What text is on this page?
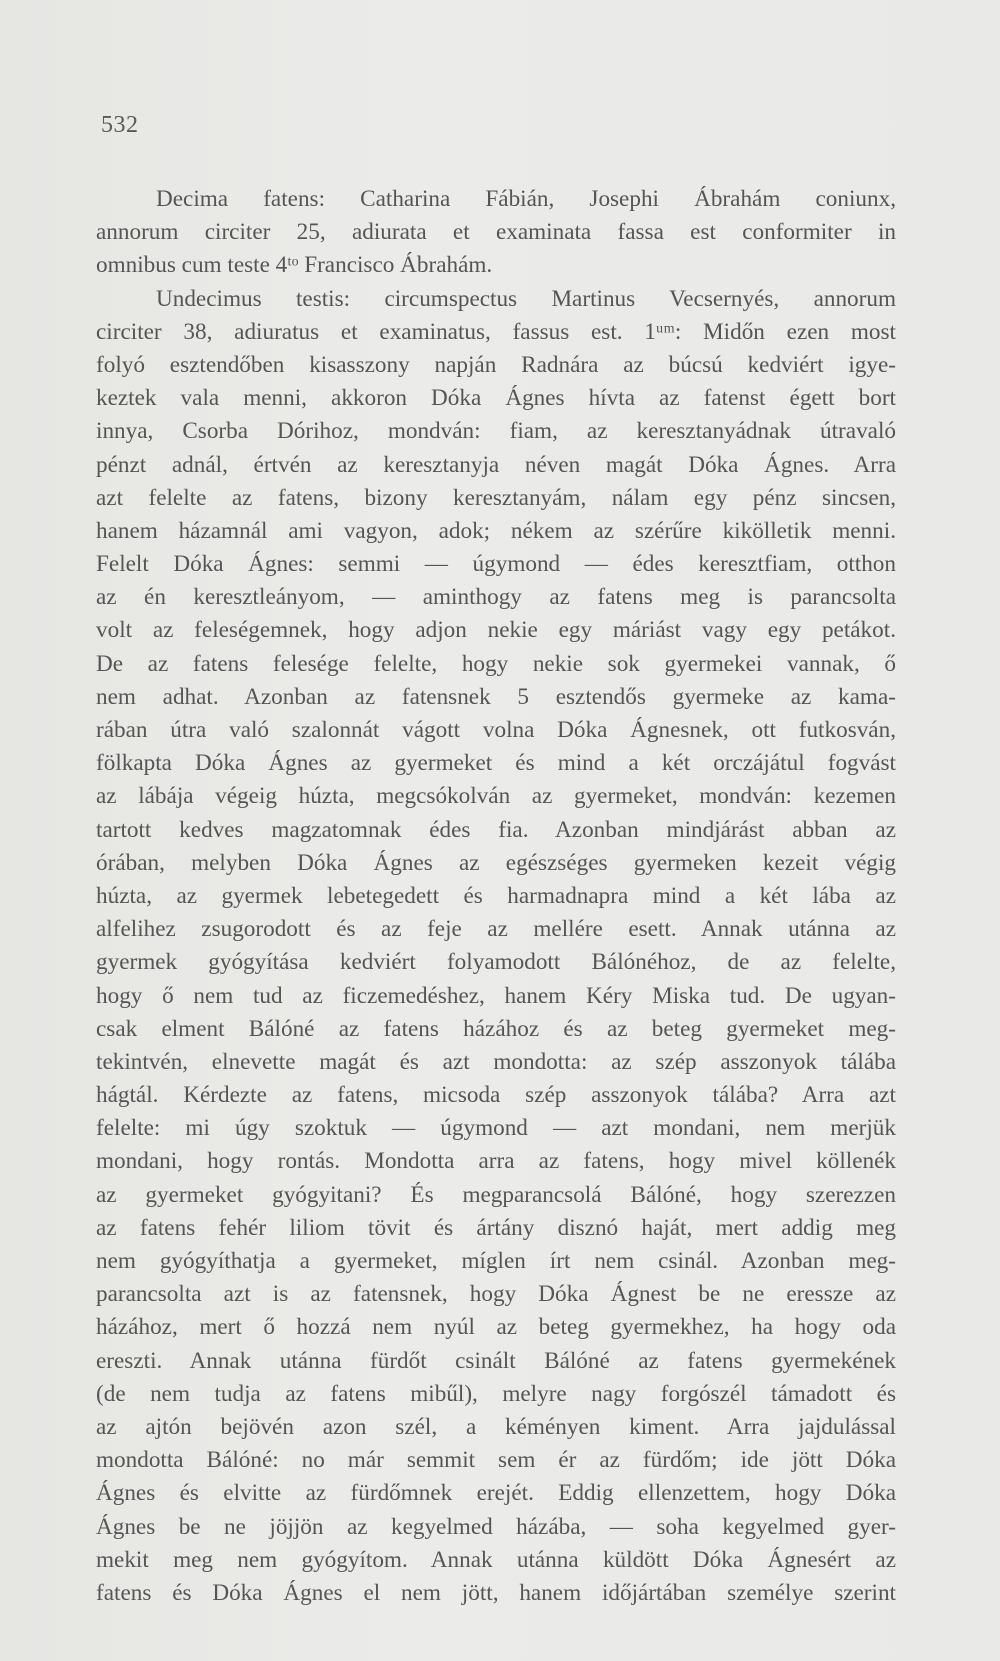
532
Decima fatens: Catharina Fábián, Josephi Ábrahám coniunx,
annorum circiter 25, adiurata et examinata fassa est conformiter in
omnibus cum teste 4ᵗᵒ Francisco Ábrahám.
Undecimus testis: circumspectus Martinus Vecsernyés, annorum
circiter 38, adiuratus et examinatus, fassus est. 1ᵘᵐ: Midőn ezen most
folyó esztendőben kisasszony napján Radnára az búcsú kedviért igye-
keztek vala menni, akkoron Dóka Ágnes hívta az fatenst égett bort
innya, Csorba Dórihoz, mondván: fiam, az keresztanyádnak útravaló
pénzt adnál, értvén az keresztanyja néven magát Dóka Ágnes. Arra
azt felelte az fatens, bizony keresztanyám, nálam egy pénz sincsen,
hanem házamnál ami vagyon, adok; nékem az szérűre kikölletik menni.
Felelt Dóka Ágnes: semmi — úgymond — édes keresztfiam, otthon
az én keresztleányom, — aminthogy az fatens meg is parancsolta
volt az feleségemnek, hogy adjon nekie egy máriást vagy egy petákot.
De az fatens felesége felelte, hogy nekie sok gyermekei vannak, ő
nem adhat. Azonban az fatensnek 5 esztendős gyermeke az kama-
rában útra való szalonnát vágott volna Dóka Ágnesnek, ott futkosván,
fölkapta Dóka Ágnes az gyermeket és mind a két orczájátul fogvást
az lábája végeig húzta, megcsókolván az gyermeket, mondván: kezemen
tartott kedves magzatomnak édes fia. Azonban mindjárást abban az
órában, melyben Dóka Ágnes az egészséges gyermeken kezeit végig
húzta, az gyermek lebetegedett és harmadnapra mind a két lába az
alfelihez zsugorodott és az feje az mellére esett. Annak utánna az
gyermek gyógyítása kedviért folyamodott Bálónéhoz, de az felelte,
hogy ő nem tud az ficzemedéshez, hanem Kéry Miska tud. De ugyan-
csak elment Bálóné az fatens házához és az beteg gyermeket meg-
tekintvén, elnevette magát és azt mondotta: az szép asszonyok tálába
hágtál. Kérdezte az fatens, micsoda szép asszonyok tálába? Arra azt
felelte: mi úgy szoktuk — úgymond — azt mondani, nem merjük
mondani, hogy rontás. Mondotta arra az fatens, hogy mivel köllenék
az gyermeket gyógyitani? És megparancsolá Bálóné, hogy szerezzen
az fatens fehér liliom tövit és ártány disznó haját, mert addig meg
nem gyógyíthatja a gyermeket, míglen írt nem csinál. Azonban meg-
parancsolta azt is az fatensnek, hogy Dóka Ágnest be ne eressze az
házához, mert ő hozzá nem nyúl az beteg gyermekhez, ha hogy oda
ereszti. Annak utánna fürdőt csinált Bálóné az fatens gyermekének
(de nem tudja az fatens mibűl), melyre nagy forgószél támadott és
az ajtón bejövén azon szél, a kéményen kiment. Arra jajdulással
mondotta Bálóné: no már semmit sem ér az fürdőm; ide jött Dóka
Ágnes és elvitte az fürdőmnek erejét. Eddig ellenzettem, hogy Dóka
Ágnes be ne jöjjön az kegyelmed házába, — soha kegyelmed gyer-
mekit meg nem gyógyítom. Annak utánna küldött Dóka Ágnesért az
fatens és Dóka Ágnes el nem jött, hanem időjártában személye szerint
